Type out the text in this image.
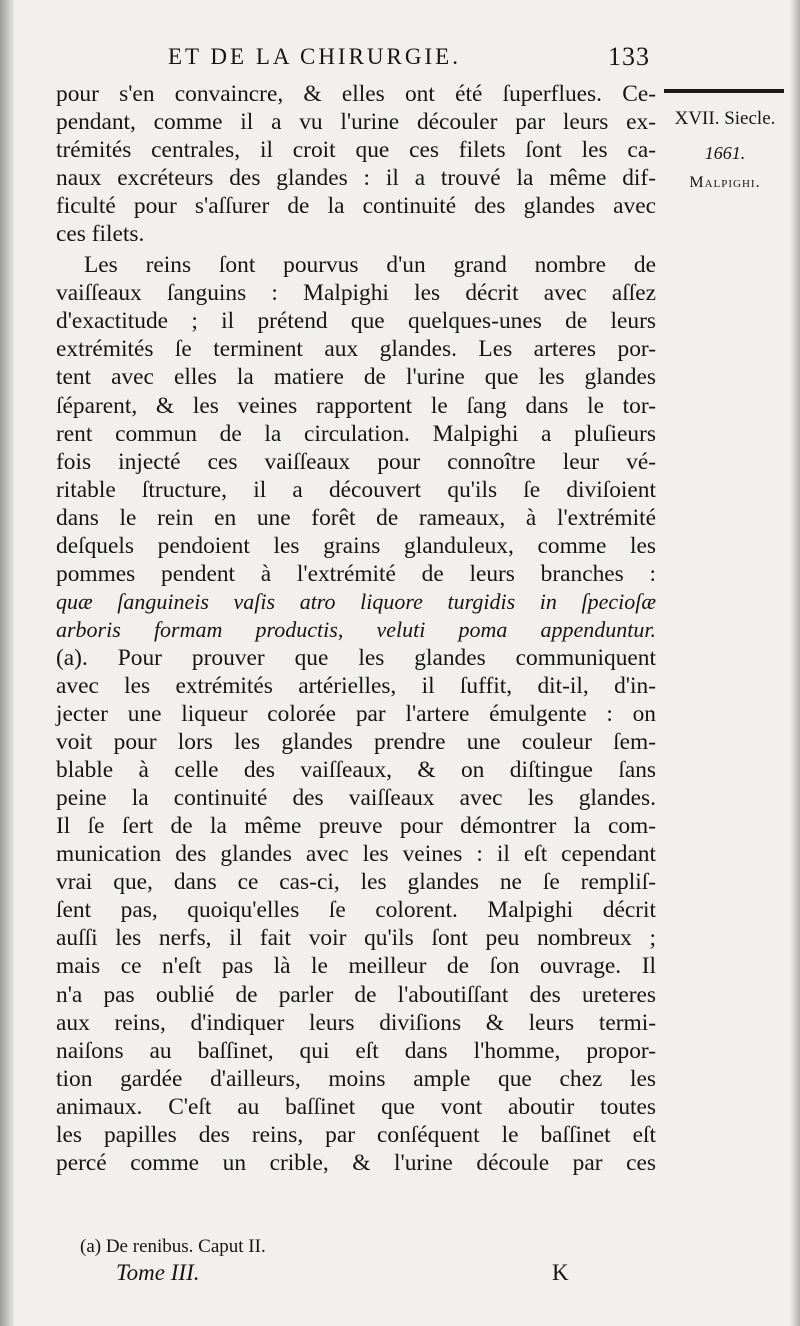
ET DE LA CHIRURGIE.	133
pour s'en convaincre, & elles ont été ſuperflues. Ce-
pendant, comme il a vu l'urine découler par leurs ex-
trémités centrales, il croit que ces filets ſont les ca-
naux excréteurs des glandes : il a trouvé la même dif-
ficulté pour s'aſſurer de la continuité des glandes avec
ces filets.
Les reins ſont pourvus d'un grand nombre de
vaiſſeaux ſanguins : Malpighi les décrit avec aſſez
d'exactitude ; il prétend que quelques-unes de leurs
extrémités ſe terminent aux glandes. Les arteres por-
tent avec elles la matiere de l'urine que les glandes
ſéparent, & les veines rapportent le ſang dans le tor-
rent commun de la circulation. Malpighi a pluſieurs
fois injecté ces vaiſſeaux pour connoître leur vé-
ritable ſtructure, il a découvert qu'ils ſe diviſoient
dans le rein en une forêt de rameaux, à l'extrémité
deſquels pendoient les grains glanduleux, comme les
pommes pendent à l'extrémité de leurs branches :
quæ ſanguineis vaſis atro liquore turgidis in ſpecioſæ
arboris formam productis, veluti poma appenduntur.
(a). Pour prouver que les glandes communiquent
avec les extrémités artérielles, il ſuffit, dit-il, d'in-
jecter une liqueur colorée par l'artere émulgente : on
voit pour lors les glandes prendre une couleur ſem-
blable à celle des vaiſſeaux, & on diſtingue ſans
peine la continuité des vaiſſeaux avec les glandes.
Il ſe ſert de la même preuve pour démontrer la com-
munication des glandes avec les veines : il eſt cependant
vrai que, dans ce cas-ci, les glandes ne ſe rempliſ-
ſent pas, quoiqu'elles ſe colorent. Malpighi décrit
auſſi les nerfs, il fait voir qu'ils ſont peu nombreux ;
mais ce n'eſt pas là le meilleur de ſon ouvrage. Il
n'a pas oublié de parler de l'aboutiſſant des ureteres
aux reins, d'indiquer leurs diviſions & leurs termi-
naiſons au baſſinet, qui eſt dans l'homme, propor-
tion gardée d'ailleurs, moins ample que chez les
animaux. C'eſt au baſſinet que vont aboutir toutes
les papilles des reins, par conſéquent le baſſinet eſt
percé comme un crible, & l'urine découle par ces
XVII. Siecle.
1661.
Malpighi.
(a) De renibus. Caput II.
Tome III.	K
